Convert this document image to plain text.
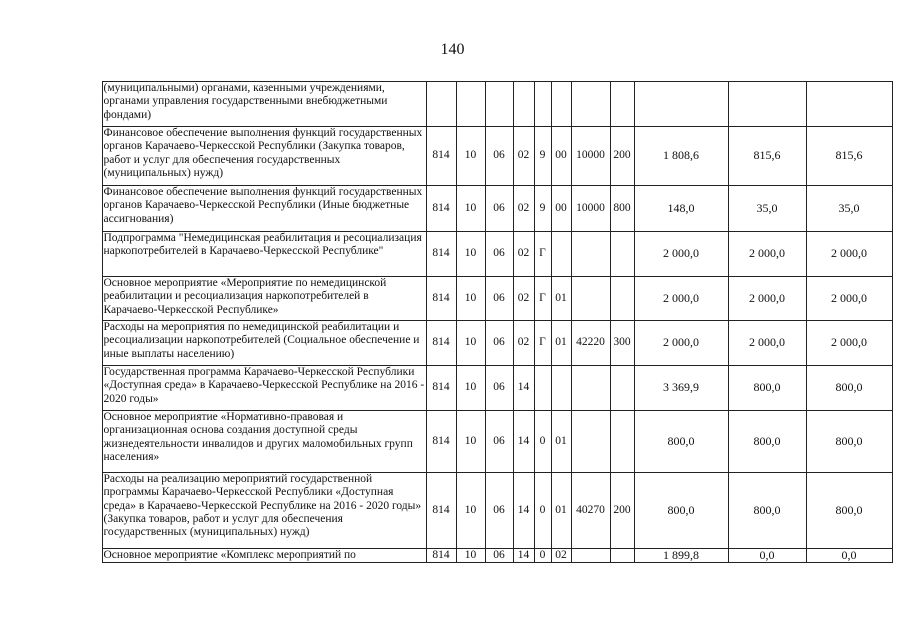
140
	(муниципальными) органами, казенными учреждениями, органами управления государственными внебюджетными фондами)											
	Финансовое обеспечение выполнения функций государственных органов Карачаево-Черкесской Республики (Закупка товаров, работ и услуг для обеспечения государственных (муниципальных) нужд)	814	10	06	02	9	00	10000	200	1 808,6	815,6	815,6
	Финансовое обеспечение выполнения функций государственных органов Карачаево-Черкесской Республики (Иные бюджетные ассигнования)	814	10	06	02	9	00	10000	800	148,0	35,0	35,0
	Подпрограмма "Немедицинская реабилитация и ресоциализация наркопотребителей в Карачаево-Черкесской Республике"	814	10	06	02	Г				2 000,0	2 000,0	2 000,0
	Основное мероприятие «Мероприятие по немедицинской реабилитации и ресоциализация наркопотребителей в Карачаево-Черкесской Республике»	814	10	06	02	Г	01			2 000,0	2 000,0	2 000,0
	Расходы на мероприятия по немедицинской реабилитации и ресоциализации наркопотребителей (Социальное обеспечение и иные выплаты населению)	814	10	06	02	Г	01	42220	300	2 000,0	2 000,0	2 000,0
	Государственная программа Карачаево-Черкесской Республики «Доступная среда» в Карачаево-Черкесской Республике на 2016 - 2020 годы»	814	10	06	14					3 369,9	800,0	800,0
	Основное мероприятие «Нормативно-правовая и организационная основа создания доступной среды жизнедеятельности инвалидов и других маломобильных групп населения»	814	10	06	14	0	01			800,0	800,0	800,0
	Расходы на реализацию мероприятий государственной программы Карачаево-Черкесской Республики «Доступная среда» в Карачаево-Черкесской Республике на 2016 - 2020 годы» (Закупка товаров, работ и услуг для обеспечения государственных (муниципальных) нужд)	814	10	06	14	0	01	40270	200	800,0	800,0	800,0
	Основное мероприятие «Комплекс мероприятий по	814	10	06	14	0	02			1 899,8	0,0	0,0
